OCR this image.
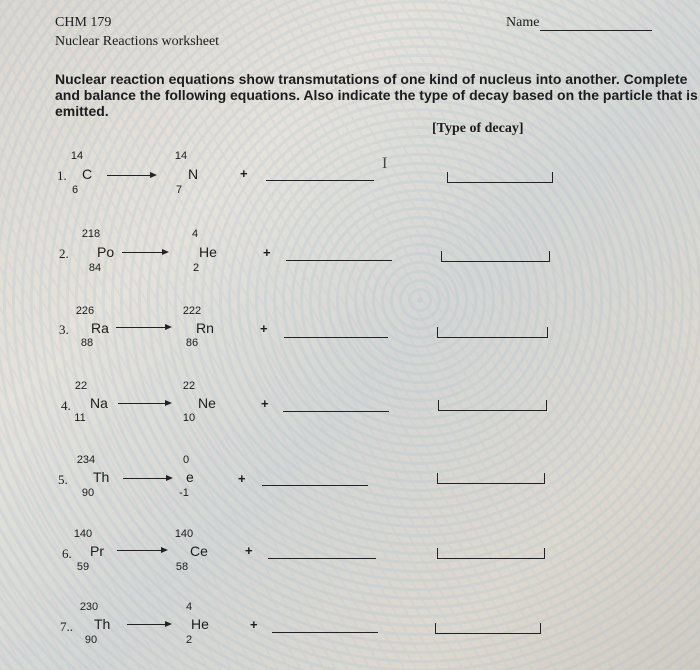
CHM 179
Nuclear Reactions worksheet
Name
Nuclear reaction equations show transmutations of one kind of nucleus into another. Complete and balance the following equations. Also indicate the type of decay based on the particle that is emitted.
[Type of decay]
I
1.
14
C
6
14
N
7
+
2.
218
Po
84
4
He
2
+
3.
226
Ra
88
222
Rn
86
+
4.
22
Na
11
22
Ne
10
+
5.
234
Th
90
0
e
-1
+
6.
140
Pr
59
140
Ce
58
+
7..
230
Th
90
4
He
2
+
